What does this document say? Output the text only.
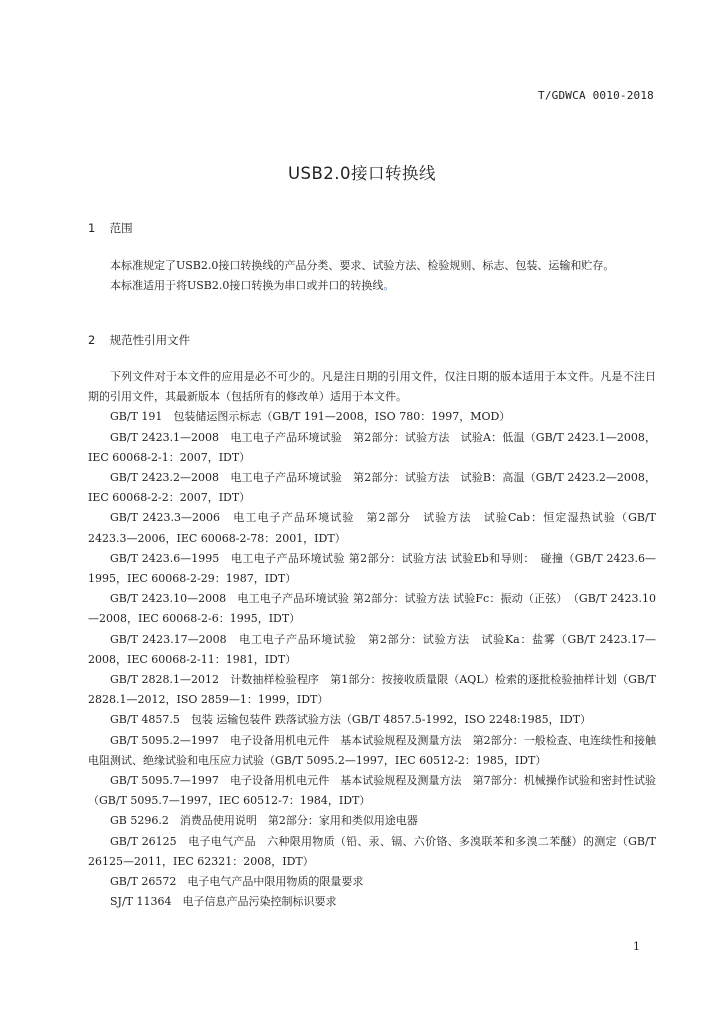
T/GDWCA 0010-2018
USB2.0接口转换线
1 范围

本标准规定了USB2.0接口转换线的产品分类、要求、试验方法、检验规则、标志、包装、运输和贮存。

本标准适用于将USB2.0接口转换为串口或并口的转换线。

2 规范性引用文件

下列文件对于本文件的应用是必不可少的。凡是注日期的引用文件，仅注日期的版本适用于本文件。凡是不注日期的引用文件，其最新版本（包括所有的修改单）适用于本文件。

GB/T 191　包装储运图示标志（GB/T 191—2008，ISO 780：1997，MOD）

GB/T 2423.1—2008　电工电子产品环境试验　第2部分：试验方法　试验A：低温（GB/T 2423.1—2008，IEC 60068-2-1：2007，IDT）

GB/T 2423.2—2008　电工电子产品环境试验　第2部分：试验方法　试验B：高温（GB/T 2423.2—2008，IEC 60068-2-2：2007，IDT）

GB/T 2423.3—2006　电工电子产品环境试验　第2部分　试验方法　试验Cab：恒定湿热试验（GB/T 2423.3—2006，IEC 60068-2-78：2001，IDT）

GB/T 2423.6—1995　电工电子产品环境试验 第2部分：试验方法 试验Eb和导则：　碰撞（GB/T 2423.6—1995，IEC 60068-2-29：1987，IDT）

GB/T 2423.10—2008　电工电子产品环境试验 第2部分：试验方法 试验Fc：振动（正弦）　（GB/T 2423.10—2008，IEC 60068-2-6：1995，IDT）

GB/T 2423.17—2008　电工电子产品环境试验　第2部分：试验方法　试验Ka：盐雾（GB/T 2423.17—2008，IEC 60068-2-11：1981，IDT）

GB/T 2828.1—2012　计数抽样检验程序　第1部分：按接收质量限（AQL）检索的逐批检验抽样计划（GB/T 2828.1—2012，ISO 2859—1：1999，IDT）

GB/T 4857.5　包装 运输包装件 跌落试验方法（GB/T 4857.5-1992，ISO 2248:1985，IDT）

GB/T 5095.2—1997　电子设备用机电元件　基本试验规程及测量方法　第2部分：一般检查、电连续性和接触电阻测试、绝缘试验和电压应力试验（GB/T 5095.2—1997，IEC 60512-2：1985，IDT）

GB/T 5095.7—1997　电子设备用机电元件　基本试验规程及测量方法　第7部分：机械操作试验和密封性试验（GB/T 5095.7—1997，IEC 60512-7：1984，IDT）

GB 5296.2　消费品使用说明　第2部分：家用和类似用途电器

GB/T 26125　电子电气产品　六种限用物质（铅、汞、镉、六价铬、多溴联苯和多溴二苯醚）的测定（GB/T 26125—2011，IEC 62321：2008，IDT）

GB/T 26572　电子电气产品中限用物质的限量要求

SJ/T 11364　电子信息产品污染控制标识要求

1
